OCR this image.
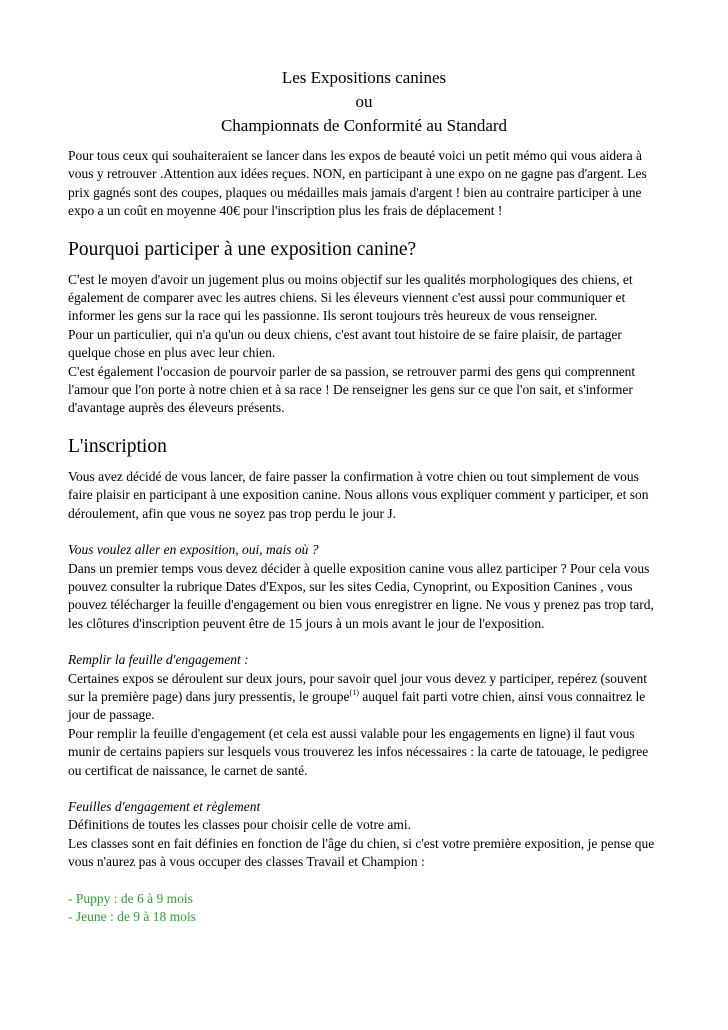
Les Expositions canines
ou
Championnats de Conformité au Standard

Pour tous ceux qui souhaiteraient se lancer dans les expos de beauté voici un petit mémo qui vous aidera à vous y retrouver .Attention aux idées reçues. NON, en participant à une expo on ne gagne pas d'argent. Les prix gagnés sont des coupes, plaques ou médailles mais jamais d'argent ! bien au contraire participer à une expo a un coût en moyenne 40€ pour l'inscription plus les frais de déplacement !

Pourquoi participer à une exposition canine?

C'est le moyen d'avoir un jugement plus ou moins objectif sur les qualités morphologiques des chiens, et également de comparer avec les autres chiens. Si les éleveurs viennent c'est aussi pour communiquer et informer les gens sur la race qui les passionne. Ils seront toujours très heureux de vous renseigner.

Pour un particulier, qui n'a qu'un ou deux chiens, c'est avant tout histoire de se faire plaisir, de partager quelque chose en plus avec leur chien.

C'est également l'occasion de pourvoir parler de sa passion, se retrouver parmi des gens qui comprennent l'amour que l'on porte à notre chien et à sa race ! De renseigner les gens sur ce que l'on sait, et s'informer d'avantage auprès des éleveurs présents.

L'inscription

Vous avez décidé de vous lancer, de faire passer la confirmation à votre chien ou tout simplement de vous faire plaisir en participant à une exposition canine. Nous allons vous expliquer comment y participer, et son déroulement, afin que vous ne soyez pas trop perdu le jour J.

Vous voulez aller en exposition, oui, mais où ?

Dans un premier temps vous devez décider à quelle exposition canine vous allez participer ? Pour cela vous pouvez consulter la rubrique Dates d'Expos, sur les sites Cedia, Cynoprint, ou Exposition Canines , vous pouvez télécharger la feuille d'engagement ou bien vous enregistrer en ligne. Ne vous y prenez pas trop tard, les clôtures d'inscription peuvent être de 15 jours à un mois avant le jour de l'exposition.

Remplir la feuille d'engagement :

Certaines expos se déroulent sur deux jours, pour savoir quel jour vous devez y participer, repérez (souvent sur la première page) dans jury pressentis, le groupe$^{(1)}$ auquel fait parti votre chien, ainsi vous connaitrez le jour de passage.

Pour remplir la feuille d'engagement (et cela est aussi valable pour les engagements en ligne) il faut vous munir de certains papiers sur lesquels vous trouverez les infos nécessaires : la carte de tatouage, le pedigree ou certificat de naissance, le carnet de santé.

Feuilles d'engagement et règlement

Définitions de toutes les classes pour choisir celle de votre ami.

Les classes sont en fait définies en fonction de l'âge du chien, si c'est votre première exposition, je pense que vous n'aurez pas à vous occuper des classes Travail et Champion :

- Puppy : de 6 à 9 mois

- Jeune : de 9 à 18 mois
